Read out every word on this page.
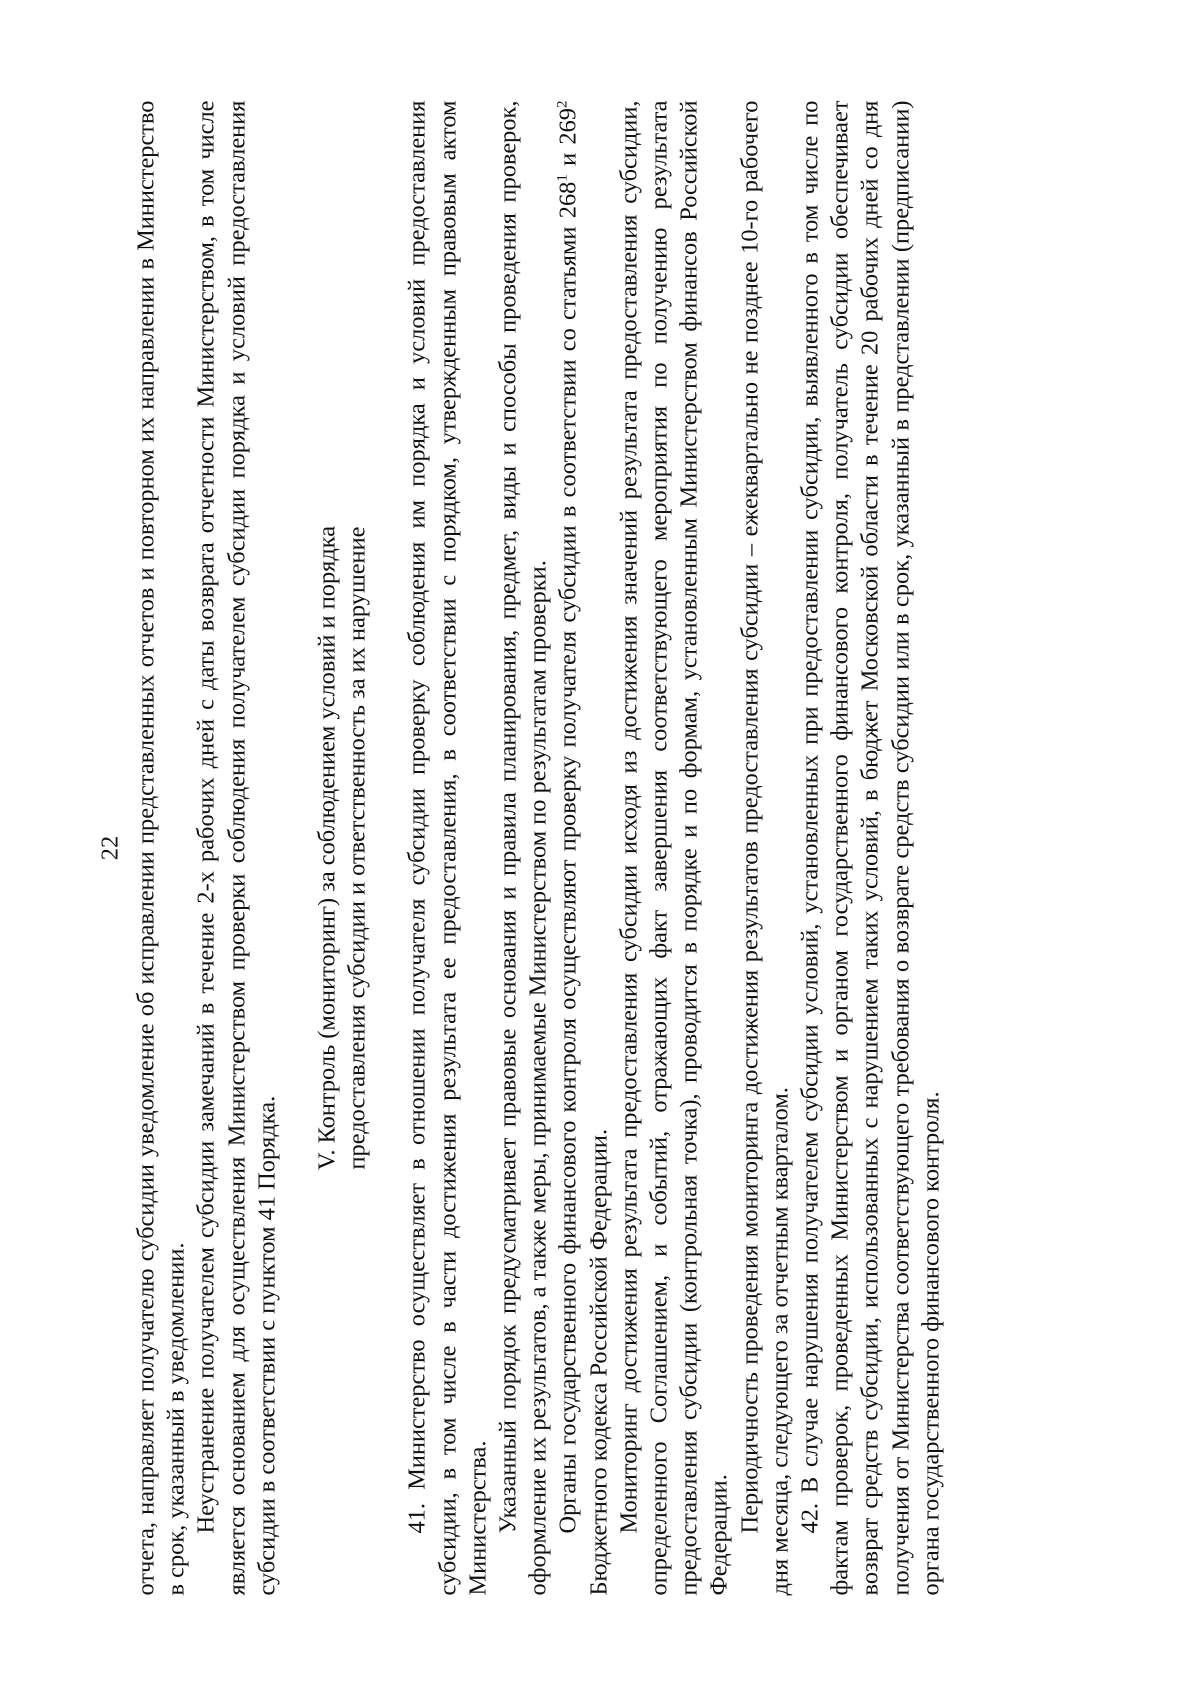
22 отчета, направляет получателю субсидии уведомление об исправлении представленных отчетов и повторном их направлении в Министерство в срок, указанный в уведомлении. Неустранение получателем субсидии замечаний в течение 2-х рабочих дней с даты возврата отчетности Министерством, в том числе является основанием для осуществления Министерством проверки соблюдения получателем субсидии порядка и условий предоставления субсидии в соответствии с пунктом 41 Порядка.

V. Контроль (мониторинг) за соблюдением условий и порядка предоставления субсидии и ответственность за их нарушение 41. Министерство осуществляет в отношении получателя субсидии проверку соблюдения им порядка и условий предоставления субсидии, в том числе в части достижения результата ее предоставления, в соответствии с порядком, утвержденным правовым актом Министерства. Указанный порядок предусматривает правовые основания и правила планирования, предмет, виды и способы проведения проверок, оформление их результатов, а также меры, принимаемые Министерством по результатам проверки. Органы государственного финансового контроля осуществляют проверку получателя субсидии в соответствии со статьями $268^1$ и $269^2$ Бюджетного кодекса Российской Федерации. Мониторинг достижения результата предоставления субсидии исходя из достижения значений результата предоставления субсидии, определенного Соглашением, и событий, отражающих факт завершения соответствующего мероприятия по получению результата предоставления субсидии (контрольная точка), проводится в порядке и по формам, установленным Министерством финансов Российской Федерации.

Периодичность проведения мониторинга достижения результатов предоставления субсидии – ежеквартально не позднее 10-го рабочего дня месяца, следующего за отчетным кварталом. 42. В случае нарушения получателем субсидии условий, установленных при предоставлении субсидии, выявленного в том числе по фактам проверок, проведенных Министерством и органом государственного финансового контроля, получатель субсидии обеспечивает возврат средств субсидии, использованных с нарушением таких условий, в бюджет Московской области в течение 20 рабочих дней со дня получения от Министерства соответствующего требования о возврате средств субсидии или в срок, указанный в представлении (предписании) органа государственного финансового контроля.
